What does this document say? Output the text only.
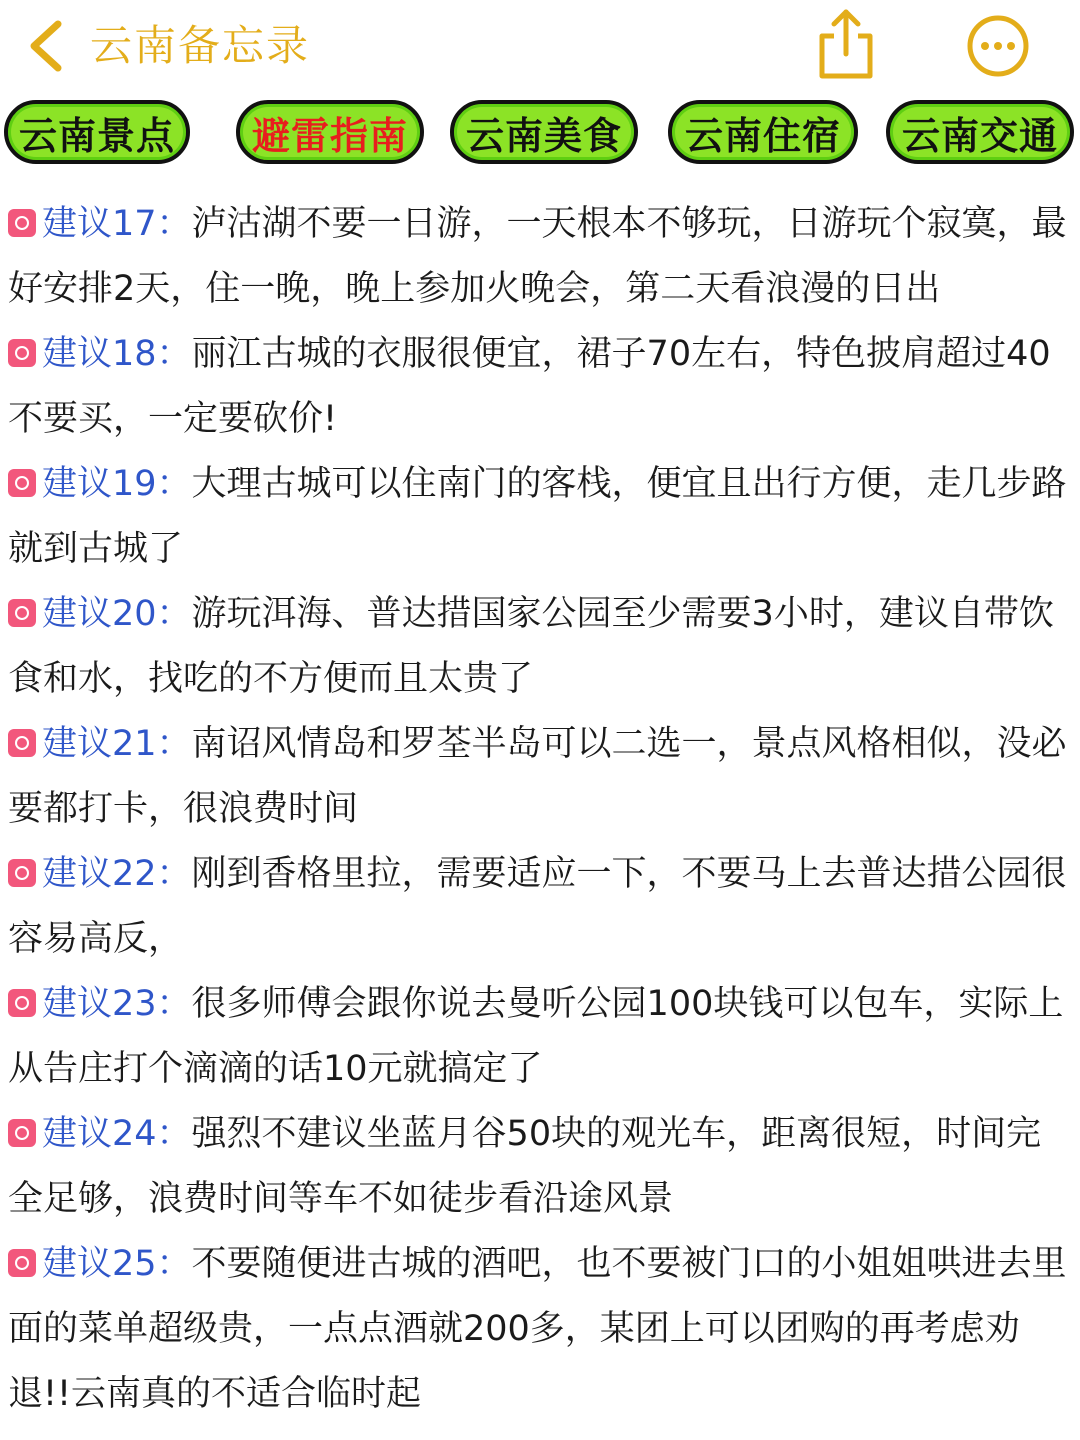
云南备忘录
云南景点	避雷指南	云南美食	云南住宿	云南交通

建议17：泸沽湖不要一日游，一天根本不够玩，日游玩个寂寞，最好安排2天，住一晚，晚上参加火晚会，第二天看浪漫的日出

建议18：丽江古城的衣服很便宜，裙子70左右，特色披肩超过40不要买，一定要砍价!

建议19：大理古城可以住南门的客栈，便宜且出行方便，走几步路就到古城了

建议20：游玩洱海、普达措国家公园至少需要3小时，建议自带饮食和水，找吃的不方便而且太贵了

建议21：南诏风情岛和罗荃半岛可以二选一，景点风格相似，没必要都打卡，很浪费时间

建议22：刚到香格里拉，需要适应一下，不要马上去普达措公园很容易高反，

建议23：很多师傅会跟你说去曼听公园100块钱可以包车，实际上从告庄打个滴滴的话10元就搞定了

建议24：强烈不建议坐蓝月谷50块的观光车，距离很短，时间完全足够，浪费时间等车不如徒步看沿途风景

建议25：不要随便进古城的酒吧，也不要被门口的小姐姐哄进去里面的菜单超级贵，一点点酒就200多，某团上可以团购的再考虑劝退!!云南真的不适合临时起
